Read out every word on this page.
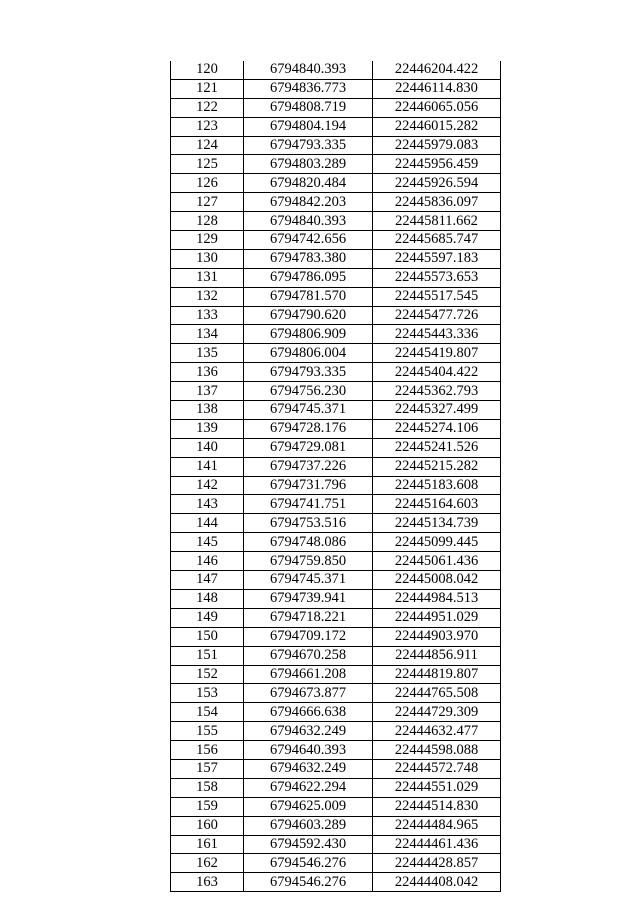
120	6794840.393	22446204.422
121	6794836.773	22446114.830
122	6794808.719	22446065.056
123	6794804.194	22446015.282
124	6794793.335	22445979.083
125	6794803.289	22445956.459
126	6794820.484	22445926.594
127	6794842.203	22445836.097
128	6794840.393	22445811.662
129	6794742.656	22445685.747
130	6794783.380	22445597.183
131	6794786.095	22445573.653
132	6794781.570	22445517.545
133	6794790.620	22445477.726
134	6794806.909	22445443.336
135	6794806.004	22445419.807
136	6794793.335	22445404.422
137	6794756.230	22445362.793
138	6794745.371	22445327.499
139	6794728.176	22445274.106
140	6794729.081	22445241.526
141	6794737.226	22445215.282
142	6794731.796	22445183.608
143	6794741.751	22445164.603
144	6794753.516	22445134.739
145	6794748.086	22445099.445
146	6794759.850	22445061.436
147	6794745.371	22445008.042
148	6794739.941	22444984.513
149	6794718.221	22444951.029
150	6794709.172	22444903.970
151	6794670.258	22444856.911
152	6794661.208	22444819.807
153	6794673.877	22444765.508
154	6794666.638	22444729.309
155	6794632.249	22444632.477
156	6794640.393	22444598.088
157	6794632.249	22444572.748
158	6794622.294	22444551.029
159	6794625.009	22444514.830
160	6794603.289	22444484.965
161	6794592.430	22444461.436
162	6794546.276	22444428.857
163	6794546.276	22444408.042
